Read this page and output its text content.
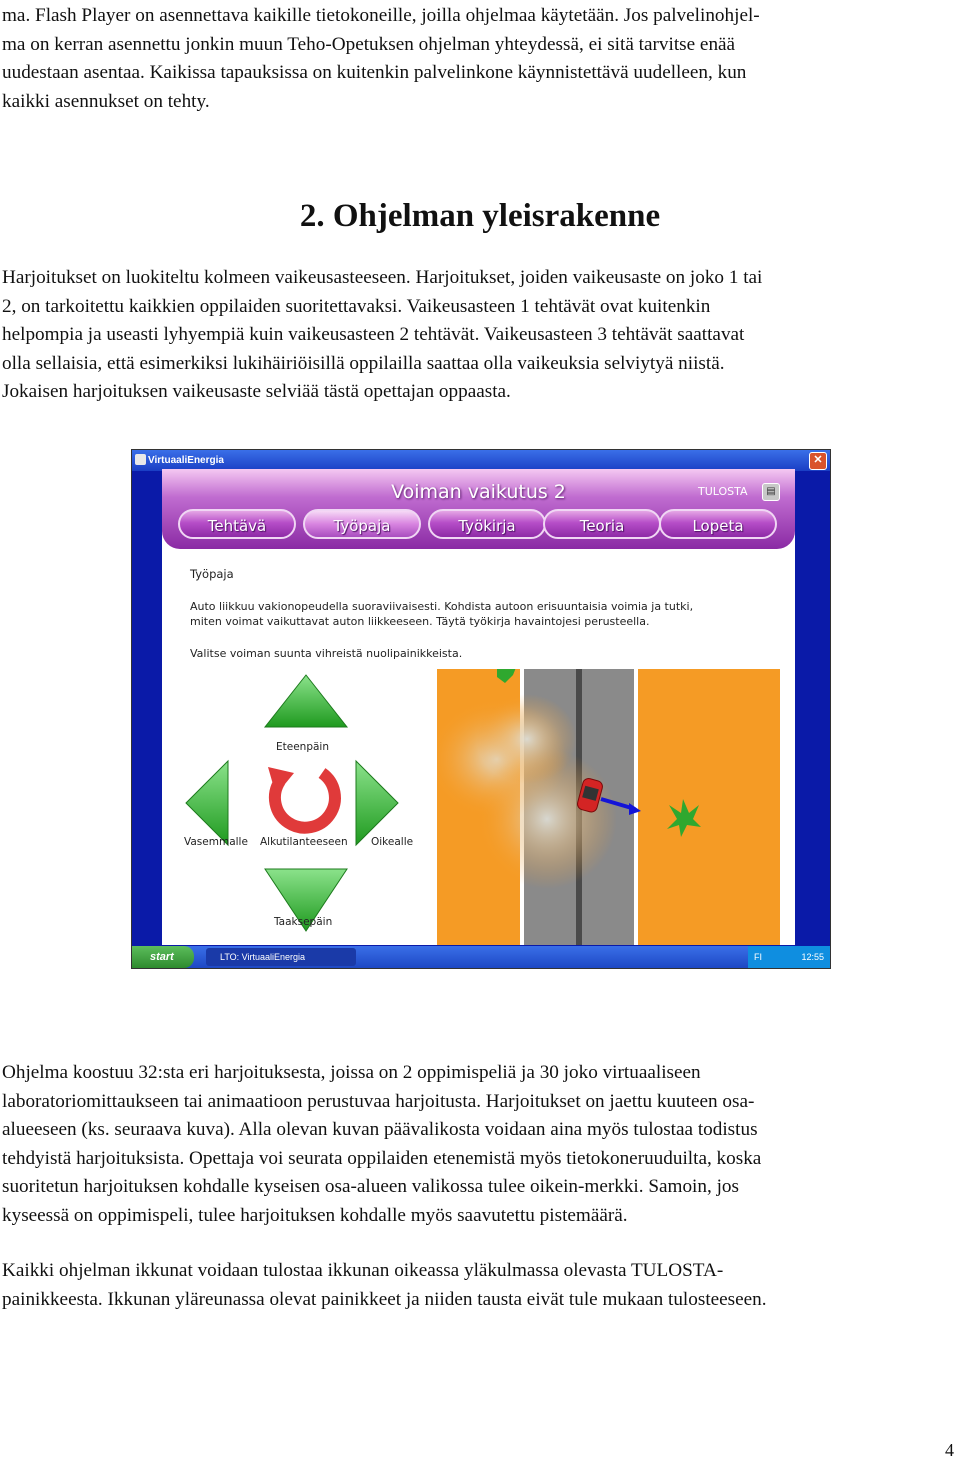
ma. Flash Player on asennettava kaikille tietokoneille, joilla ohjelmaa käytetään. Jos palvelinohjel-
ma on kerran asennettu jonkin muun Teho-Opetuksen ohjelman yhteydessä, ei sitä tarvitse enää
uudestaan asentaa. Kaikissa tapauksissa on kuitenkin palvelinkone käynnistettävä uudelleen, kun
kaikki asennukset on tehty.
2. Ohjelman yleisrakenne
Harjoitukset on luokiteltu kolmeen vaikeusasteeseen. Harjoitukset, joiden vaikeusaste on joko 1 tai
2, on tarkoitettu kaikkien oppilaiden suoritettavaksi. Vaikeusasteen 1 tehtävät ovat kuitenkin
helpompia ja useasti lyhyempiä kuin vaikeusasteen 2 tehtävät. Vaikeusasteen 3 tehtävät saattavat
olla sellaisia, että esimerkiksi lukihäiriöisillä oppilailla saattaa olla vaikeuksia selviytyä niistä.
Jokaisen harjoituksen vaikeusaste selviää tästä opettajan oppaasta.
VirtuaaliEnergia	✕
Voiman vaikutus 2	TULOSTA	▤
Tehtävä	Työpaja	Työkirja	Teoria	Lopeta
Työpaja
Auto liikkuu vakionopeudella suoraviivaisesti. Kohdista autoon erisuuntaisia voimia ja tutki,
miten voimat vaikuttavat auton liikkeeseen. Täytä työkirja havaintojesi perusteella.
Valitse voiman suunta vihreistä nuolipainikkeista.
Eteenpäin
Vasemmalle Alkutilanteeseen Oikealle
Taaksepäin
start	LTO: VirtuaaliEnergia	FI	12:55
Ohjelma koostuu 32:sta eri harjoituksesta, joissa on 2 oppimispeliä ja 30 joko virtuaaliseen
laboratoriomittaukseen tai animaatioon perustuvaa harjoitusta. Harjoitukset on jaettu kuuteen osa-
alueeseen (ks. seuraava kuva). Alla olevan kuvan päävalikosta voidaan aina myös tulostaa todistus
tehdyistä harjoituksista. Opettaja voi seurata oppilaiden etenemistä myös tietokoneruuduilta, koska
suoritetun harjoituksen kohdalle kyseisen osa-alueen valikossa tulee oikein-merkki. Samoin, jos
kyseessä on oppimispeli, tulee harjoituksen kohdalle myös saavutettu pistemäärä.
Kaikki ohjelman ikkunat voidaan tulostaa ikkunan oikeassa yläkulmassa olevasta TULOSTA-
painikkeesta. Ikkunan yläreunassa olevat painikkeet ja niiden tausta eivät tule mukaan tulosteeseen.
4
